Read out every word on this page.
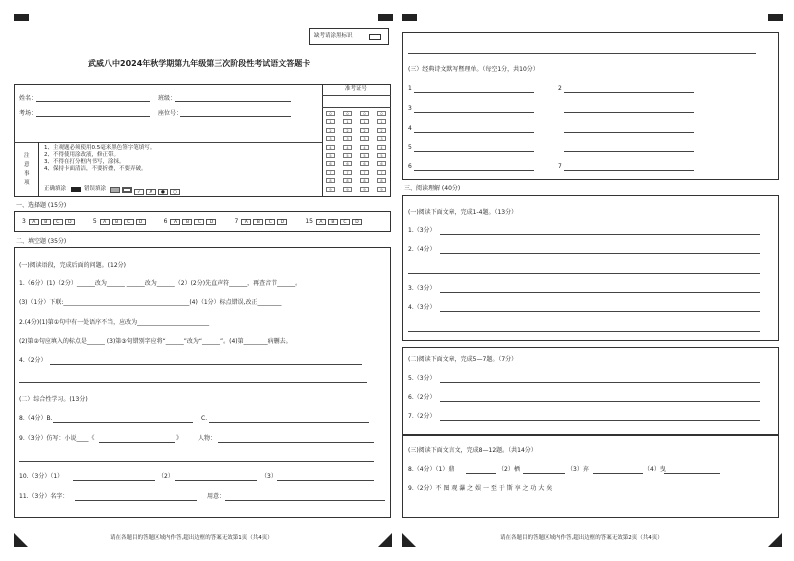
缺考请涂黑标识
武威八中2024年秋学期第九年级第三次阶段性考试语文答题卡
姓名：	班级：
考场：	座位号：
准考证号
0	0	0	0
1	1	1	1
2	2	2	2
3	3	3	3
4	4	4	4
5	5	5	5
6	6	6	6
7	7	7	7
8	8	8	8
9	9	9	9
注意事项
1、主观题必须使用0.5毫米黑色签字笔填写。
2、不得使用涂改液，修正带。
3、不得在打分框内书写，涂抹。
4、保持卡面清洁，不要折叠，不要弄破。
正确填涂	错误填涂
✓ ✗ ● ○
一、选择题 (15分)
3 A B C D	5 A B C D	6 A B C D	7 A B C D	15 A B C D
二、填空题 (35分)
(一)阅读语段，完成后面的问题。(12分)
1.（6分）(1)（2分）______改为______ ______改为______（2）(2分)先直声符______，再查音节______。
(3)（1分）下联:__________________________________________(4)（1分）标点错误,改正________
2.(4分)(1)第①句中有一处语序不当，应改为________________________
(2)第②句应填入的标点是______ (3)第③句错别字应将“______”改为“______”。(4)第________病删去。
4.（2分）
(二）综合性学习。(13分)
8.（4分）B.	C.
9.（3分）仿写：小说____《	》	人物：
10.（3分）（1）	（2）	（3）
11.（3分）名字：	用意：
请在各题目的答题区域内作答,超出边框的答案无效第1页（共4页）
(三）经典诗文默写暨理单。（每空1分，共10分）
1	2
3
4
5
6	7
三、阅读理解 (40分)
(一)阅读下面文章，完成1-4题。（13分）
1.（3分）
2.（4分）
3.（3分）
4.（3分）
(二)阅读下面文章，完成5—7题。（7分）
5.（3分）
6.（2分）
7.（2分）
(三)阅读下面文言文，完成8—12题。（共14分）
8.（4分）（1）鼎	（2）栖	（3）弃	（4）曳
9.（2分）不 图 观 瀑 之 娱 一 至 于 斯 享 之 功 大 矣
请在各题目的答题区域内作答,超出边框的答案无效第2页（共4页）
